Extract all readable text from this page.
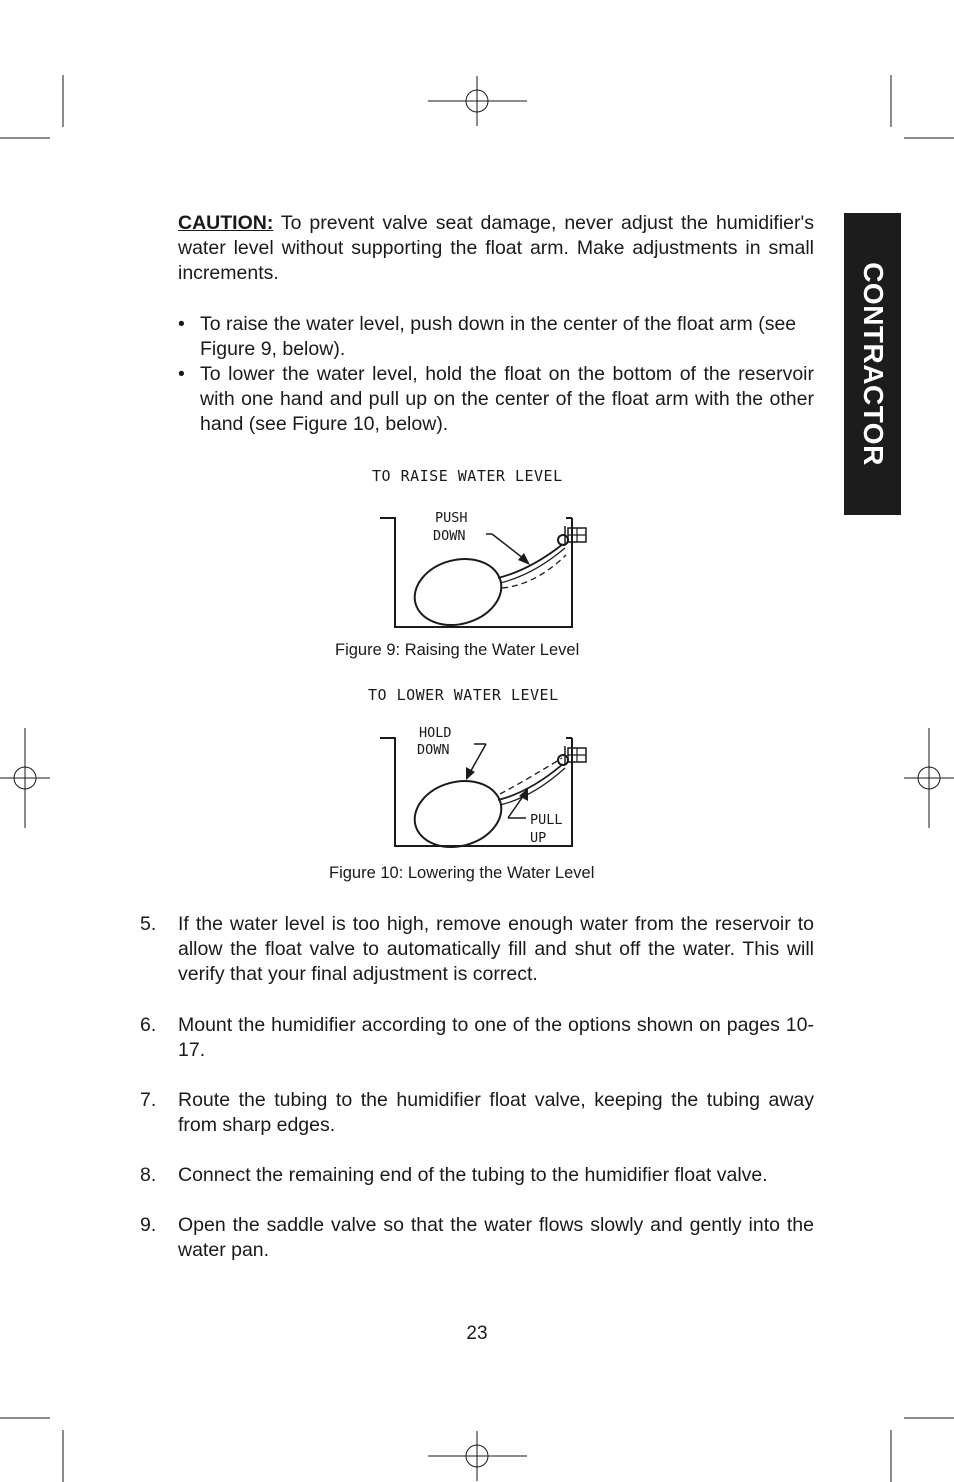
CONTRACTOR
CAUTION: To prevent valve seat damage, never adjust the humidifier's water level without supporting the float arm. Make adjustments in small increments.
• To raise the water level, push down in the center of the float arm (see Figure 9, below).
• To lower the water level, hold the float on the bottom of the reservoir with one hand and pull up on the center of the float arm with the other hand (see Figure 10, below).
TO RAISE WATER LEVEL
PUSH
DOWN
Figure 9: Raising the Water Level
TO LOWER WATER LEVEL
HOLD
DOWN
PULL
UP
Figure 10: Lowering the Water Level
5. If the water level is too high, remove enough water from the reservoir to allow the float valve to automatically fill and shut off the water. This will verify that your final adjustment is correct.
6. Mount the humidifier according to one of the options shown on pages 10-17.
7. Route the tubing to the humidifier float valve, keeping the tubing away from sharp edges.
8. Connect the remaining end of the tubing to the humidifier float valve.
9. Open the saddle valve so that the water flows slowly and gently into the water pan.
23
